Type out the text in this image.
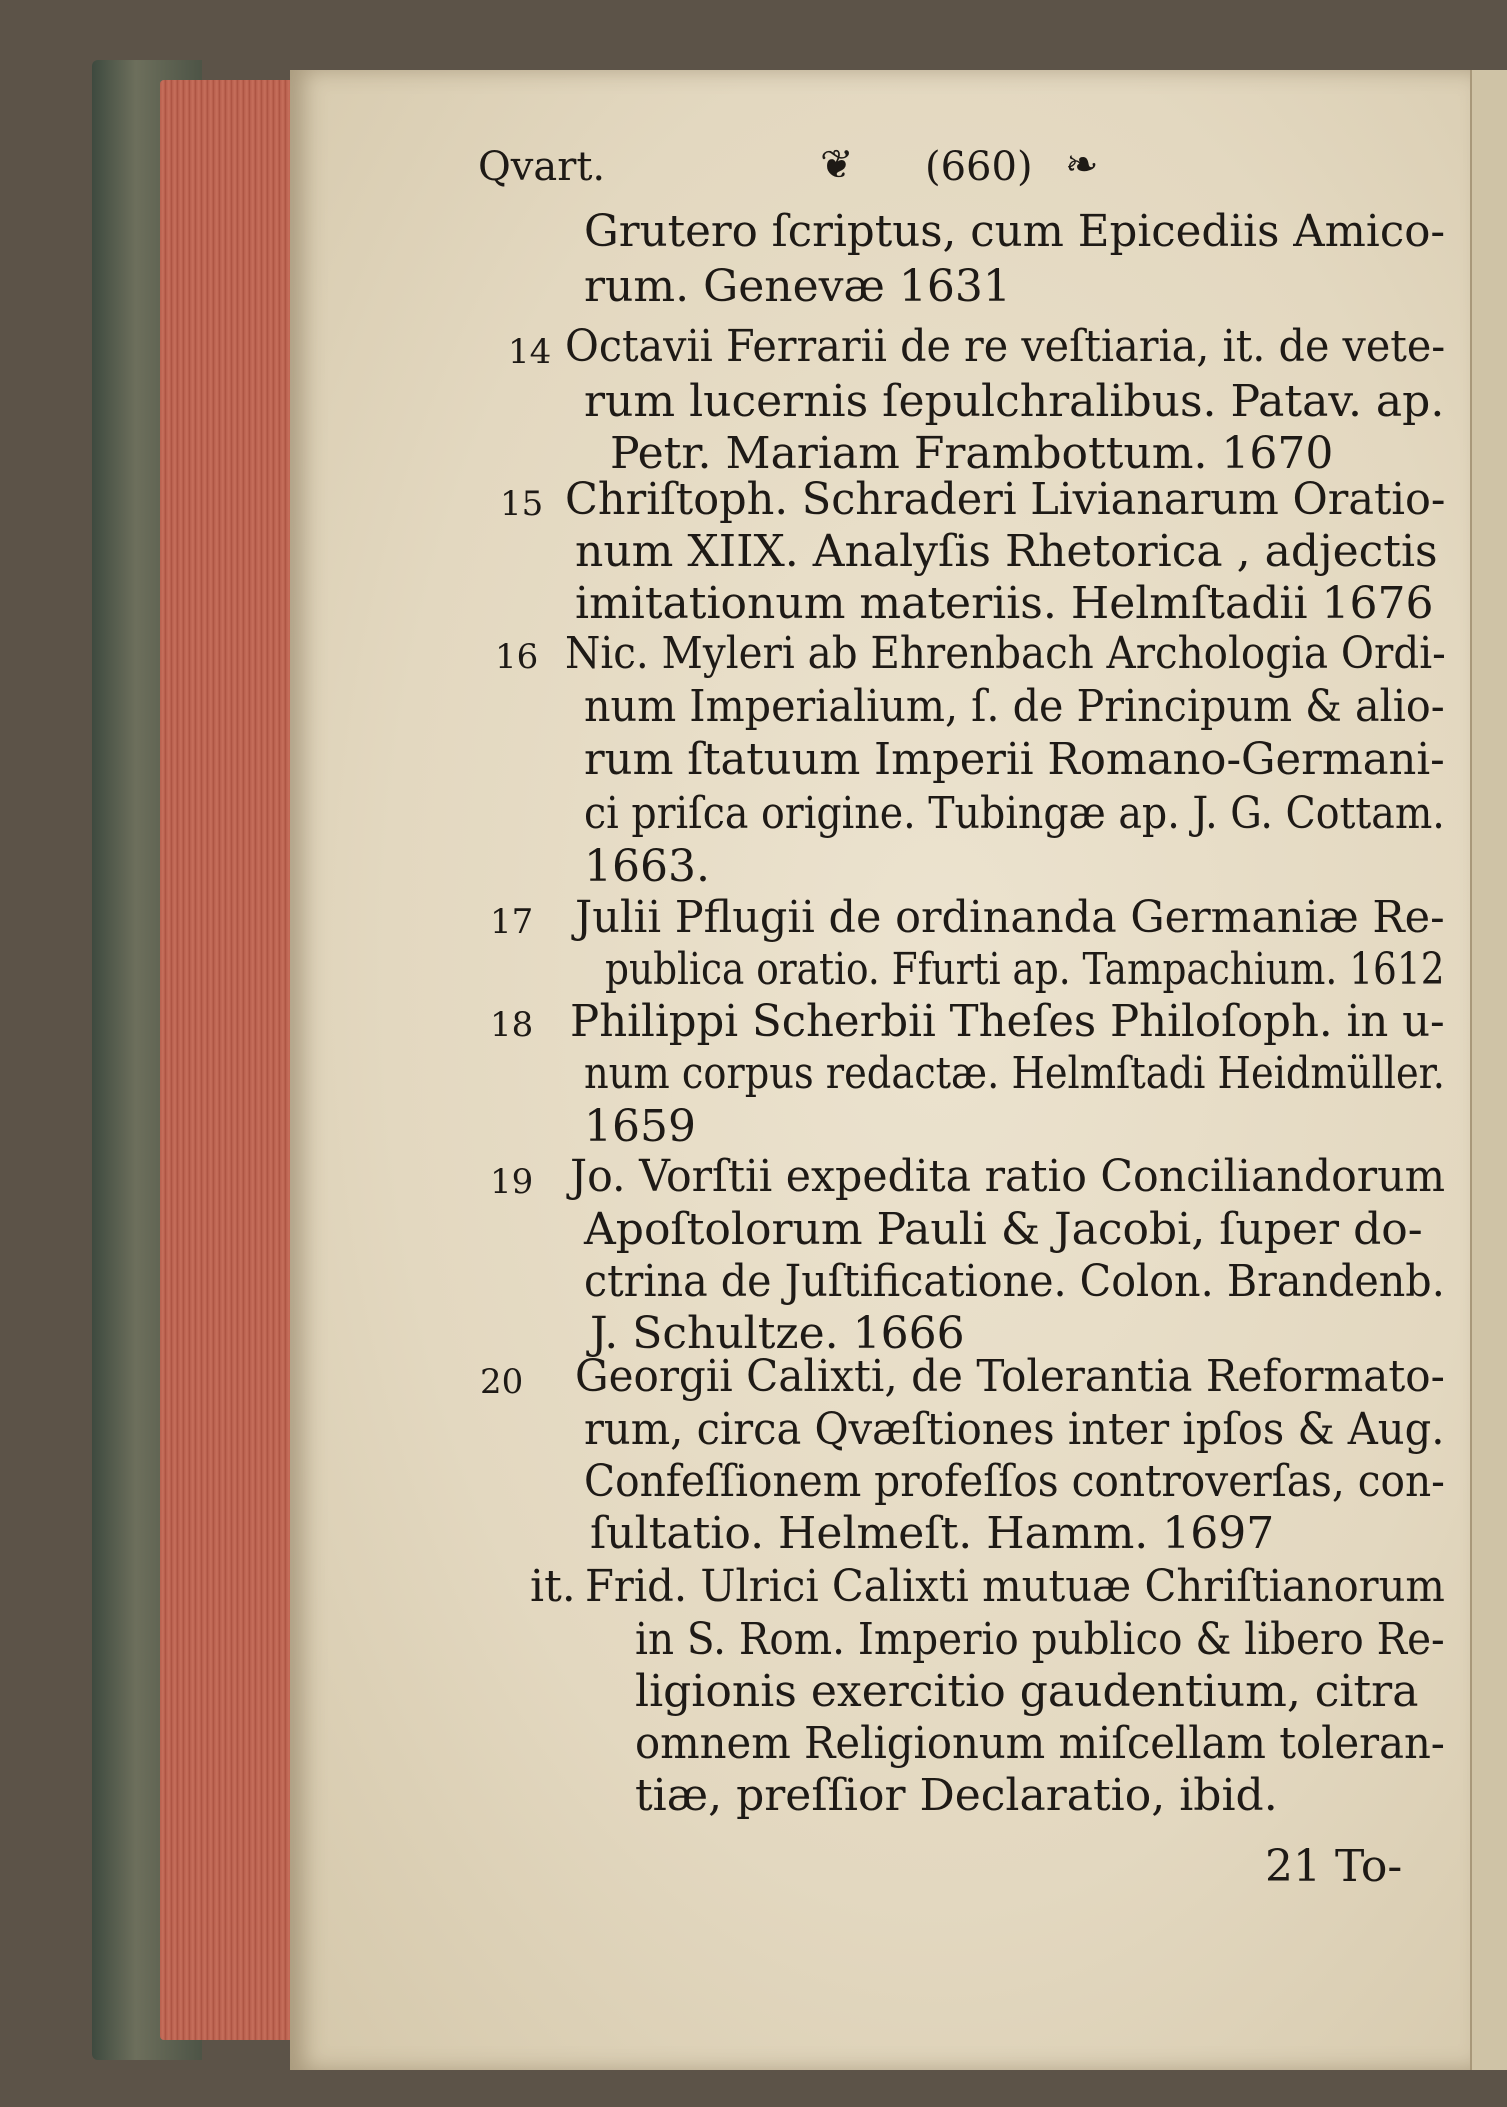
Qvart.	❦ (660) ❧
Grutero ſcriptus, cum Epicediis Amico-
rum. Genevæ 1631
14 Octavii Ferrarii de re veſtiaria, it. de vete-
rum lucernis ſepulchralibus. Patav. ap.
Petr. Mariam Frambottum. 1670
15 Chriſtoph. Schraderi Livianarum Oratio-
num XIIX. Analyſis Rhetorica , adjectis
imitationum materiis. Helmſtadii 1676
16 Nic. Myleri ab Ehrenbach Archologia Ordi-
num Imperialium, ſ. de Principum & alio-
rum ſtatuum Imperii Romano-Germani-
ci priſca origine. Tubingæ ap. J. G. Cottam.
1663.
17 Julii Pflugii de ordinanda Germaniæ Re-
publica oratio. Ffurti ap. Tampachium. 1612
18 Philippi Scherbii Theſes Philoſoph. in u-
num corpus redactæ. Helmſtadi Heidmüller.
1659
19 Jo. Vorſtii expedita ratio Conciliandorum
Apoſtolorum Pauli & Jacobi, ſuper do-
ctrina de Juſtificatione. Colon. Brandenb.
J. Schultze. 1666
20 Georgii Calixti, de Tolerantia Reformato-
rum, circa Qvæſtiones inter ipſos & Aug.
Confeſſionem profeſſos controverſas, con-
ſultatio. Helmeſt. Hamm. 1697
it. Frid. Ulrici Calixti mutuæ Chriſtianorum
in S. Rom. Imperio publico & libero Re-
ligionis exercitio gaudentium, citra
omnem Religionum miſcellam toleran-
tiæ, preſſior Declaratio, ibid.
21 To-
